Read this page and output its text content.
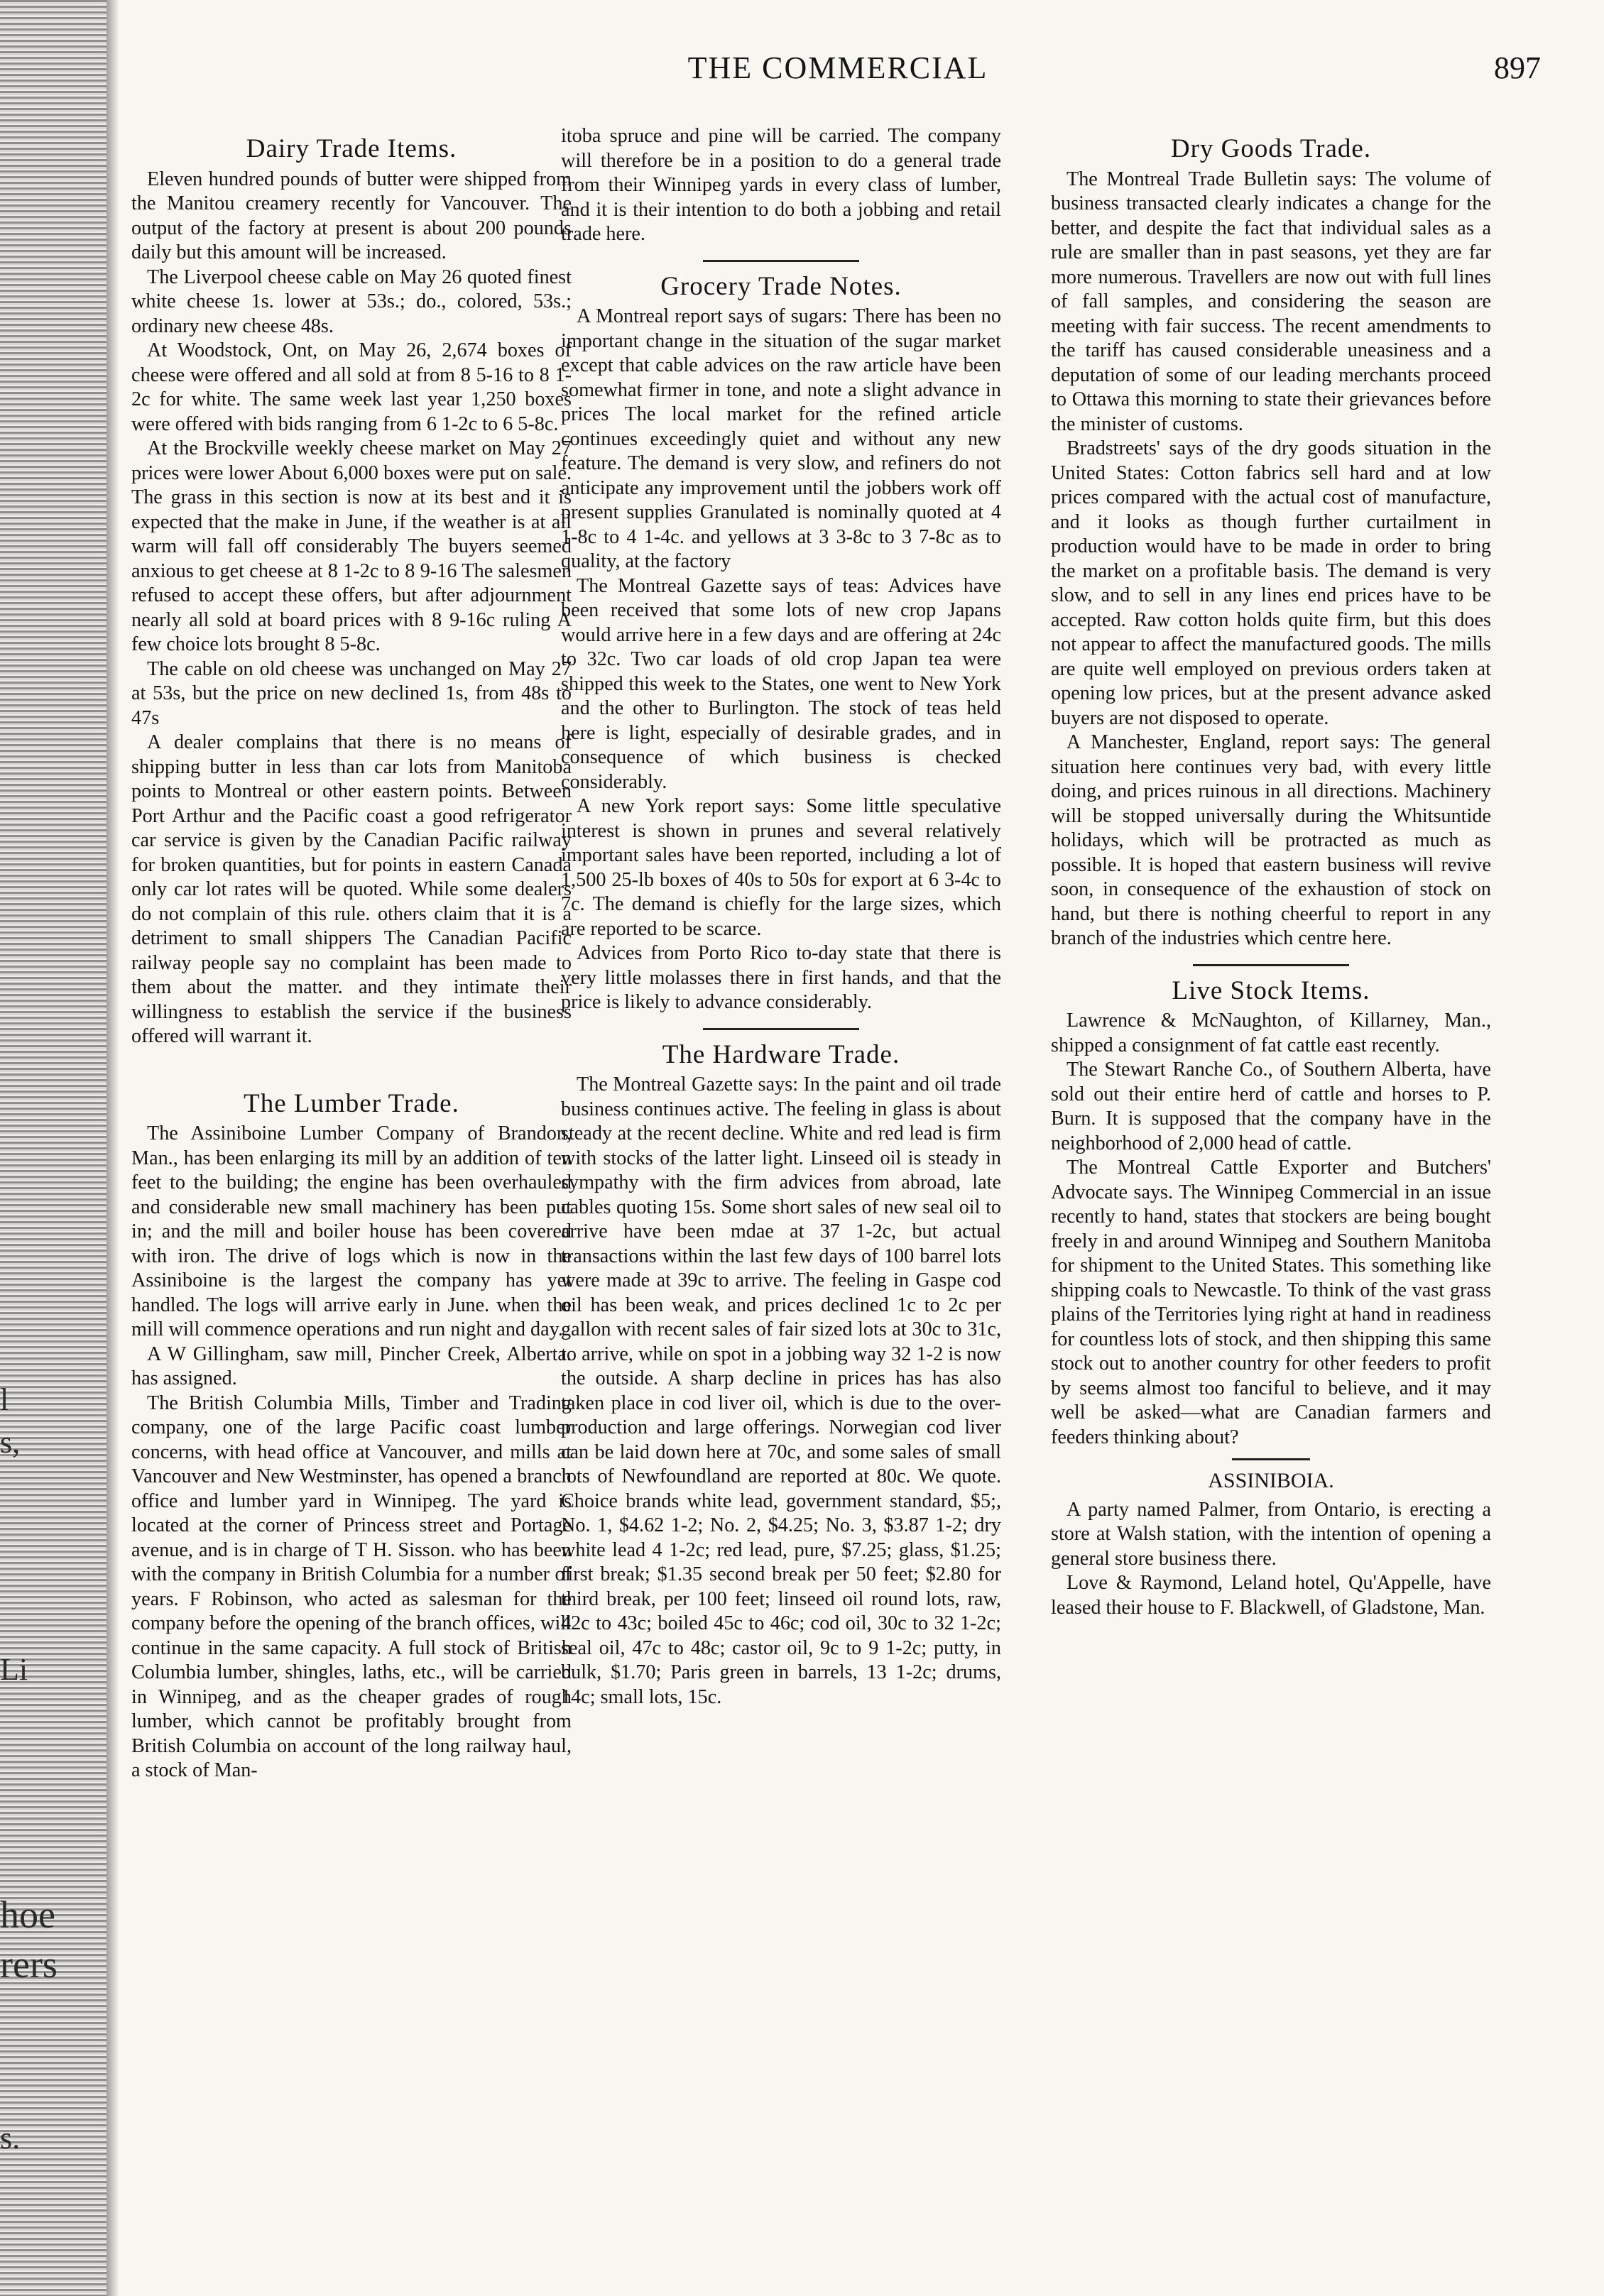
l
s,
Li
hoe
rers
s.
THE COMMERCIAL	897
Dairy Trade Items.

Eleven hundred pounds of butter were shipped from the Manitou creamery recently for Vancouver. The output of the factory at present is about 200 pounds daily but this amount will be increased.

The Liverpool cheese cable on May 26 quoted finest white cheese 1s. lower at 53s.; do., colored, 53s.; ordinary new cheese 48s.

At Woodstock, Ont, on May 26, 2,674 boxes of cheese were offered and all sold at from 8 5-16 to 8 1-2c for white. The same week last year 1,250 boxes were offered with bids ranging from 6 1-2c to 6 5-8c.

At the Brockville weekly cheese market on May 27 prices were lower About 6,000 boxes were put on sale. The grass in this section is now at its best and it is expected that the make in June, if the weather is at all warm will fall off considerably The buyers seemed anxious to get cheese at 8 1-2c to 8 9-16 The salesmen refused to accept these offers, but after adjournment nearly all sold at board prices with 8 9-16c ruling A few choice lots brought 8 5-8c.

The cable on old cheese was unchanged on May 27 at 53s, but the price on new declined 1s, from 48s to 47s

A dealer complains that there is no means of shipping butter in less than car lots from Manitoba points to Montreal or other eastern points. Between Port Arthur and the Pacific coast a good refrigerator car service is given by the Canadian Pacific railway for broken quantities, but for points in eastern Canada only car lot rates will be quoted. While some dealers do not complain of this rule. others claim that it is a detriment to small shippers The Canadian Pacific railway people say no complaint has been made to them about the matter. and they intimate their willingness to establish the service if the business offered will warrant it.

The Lumber Trade.

The Assiniboine Lumber Company of Brandon, Man., has been enlarging its mill by an addition of ten feet to the building; the engine has been overhauled and considerable new small machinery has been put in; and the mill and boiler house has been covered with iron. The drive of logs which is now in the Assiniboine is the largest the company has yet handled. The logs will arrive early in June. when the mill will commence operations and run night and day.

A W Gillingham, saw mill, Pincher Creek, Alberta. has assigned.

The British Columbia Mills, Timber and Trading company, one of the large Pacific coast lumber concerns, with head office at Vancouver, and mills at Vancouver and New Westminster, has opened a branch office and lumber yard in Winnipeg. The yard is located at the corner of Princess street and Portage avenue, and is in charge of T H. Sisson. who has been with the company in British Columbia for a number of years. F Robinson, who acted as salesman for the company before the opening of the branch offices, will continue in the same capacity. A full stock of British Columbia lumber, shingles, laths, etc., will be carried in Winnipeg, and as the cheaper grades of rough lumber, which cannot be profitably brought from British Columbia on account of the long railway haul, a stock of Man-

itoba spruce and pine will be carried. The company will therefore be in a position to do a general trade from their Winnipeg yards in every class of lumber, and it is their intention to do both a jobbing and retail trade here.

Grocery Trade Notes.

A Montreal report says of sugars: There has been no important change in the situation of the sugar market except that cable advices on the raw article have been somewhat firmer in tone, and note a slight advance in prices The local market for the refined article continues exceedingly quiet and without any new feature. The demand is very slow, and refiners do not anticipate any improvement until the jobbers work off present supplies Granulated is nominally quoted at 4 1-8c to 4 1-4c. and yellows at 3 3-8c to 3 7-8c as to quality, at the factory

The Montreal Gazette says of teas: Advices have been received that some lots of new crop Japans would arrive here in a few days and are offering at 24c to 32c. Two car loads of old crop Japan tea were shipped this week to the States, one went to New York and the other to Burlington. The stock of teas held here is light, especially of desirable grades, and in consequence of which business is checked considerably.

A new York report says: Some little speculative interest is shown in prunes and several relatively important sales have been reported, including a lot of 1,500 25-lb boxes of 40s to 50s for export at 6 3-4c to 7c. The demand is chiefly for the large sizes, which are reported to be scarce.

Advices from Porto Rico to-day state that there is very little molasses there in first hands, and that the price is likely to advance considerably.

The Hardware Trade.

The Montreal Gazette says: In the paint and oil trade business continues active. The feeling in glass is about steady at the recent decline. White and red lead is firm with stocks of the latter light. Linseed oil is steady in sympathy with the firm advices from abroad, late cables quoting 15s. Some short sales of new seal oil to arrive have been mdae at 37 1-2c, but actual transactions within the last few days of 100 barrel lots were made at 39c to arrive. The feeling in Gaspe cod oil has been weak, and prices declined 1c to 2c per gallon with recent sales of fair sized lots at 30c to 31c, to arrive, while on spot in a jobbing way 32 1-2 is now the outside. A sharp decline in prices has has also taken place in cod liver oil, which is due to the over-production and large offerings. Norwegian cod liver can be laid down here at 70c, and some sales of small lots of Newfoundland are reported at 80c. We quote. Choice brands white lead, government standard, $5;, No. 1, $4.62 1-2; No. 2, $4.25; No. 3, $3.87 1-2; dry white lead 4 1-2c; red lead, pure, $7.25; glass, $1.25; first break; $1.35 second break per 50 feet; $2.80 for third break, per 100 feet; linseed oil round lots, raw, 42c to 43c; boiled 45c to 46c; cod oil, 30c to 32 1-2c; seal oil, 47c to 48c; castor oil, 9c to 9 1-2c; putty, in bulk, $1.70; Paris green in barrels, 13 1-2c; drums, 14c; small lots, 15c.

Dry Goods Trade.

The Montreal Trade Bulletin says: The volume of business transacted clearly indicates a change for the better, and despite the fact that individual sales as a rule are smaller than in past seasons, yet they are far more numerous. Travellers are now out with full lines of fall samples, and considering the season are meeting with fair success. The recent amendments to the tariff has caused considerable uneasiness and a deputation of some of our leading merchants proceed to Ottawa this morning to state their grievances before the minister of customs.

Bradstreets' says of the dry goods situation in the United States: Cotton fabrics sell hard and at low prices compared with the actual cost of manufacture, and it looks as though further curtailment in production would have to be made in order to bring the market on a profitable basis. The demand is very slow, and to sell in any lines end prices have to be accepted. Raw cotton holds quite firm, but this does not appear to affect the manufactured goods. The mills are quite well employed on previous orders taken at opening low prices, but at the present advance asked buyers are not disposed to operate.

A Manchester, England, report says: The general situation here continues very bad, with every little doing, and prices ruinous in all directions. Machinery will be stopped universally during the Whitsuntide holidays, which will be protracted as much as possible. It is hoped that eastern business will revive soon, in consequence of the exhaustion of stock on hand, but there is nothing cheerful to report in any branch of the industries which centre here.

Live Stock Items.

Lawrence & McNaughton, of Killarney, Man., shipped a consignment of fat cattle east recently.

The Stewart Ranche Co., of Southern Alberta, have sold out their entire herd of cattle and horses to P. Burn. It is supposed that the company have in the neighborhood of 2,000 head of cattle.

The Montreal Cattle Exporter and Butchers' Advocate says. The Winnipeg Commercial in an issue recently to hand, states that stockers are being bought freely in and around Winnipeg and Southern Manitoba for shipment to the United States. This something like shipping coals to Newcastle. To think of the vast grass plains of the Territories lying right at hand in readiness for countless lots of stock, and then shipping this same stock out to another country for other feeders to profit by seems almost too fanciful to believe, and it may well be asked—what are Canadian farmers and feeders thinking about?

ASSINIBOIA.

A party named Palmer, from Ontario, is erecting a store at Walsh station, with the intention of opening a general store business there.

Love & Raymond, Leland hotel, Qu'Appelle, have leased their house to F. Blackwell, of Gladstone, Man.
